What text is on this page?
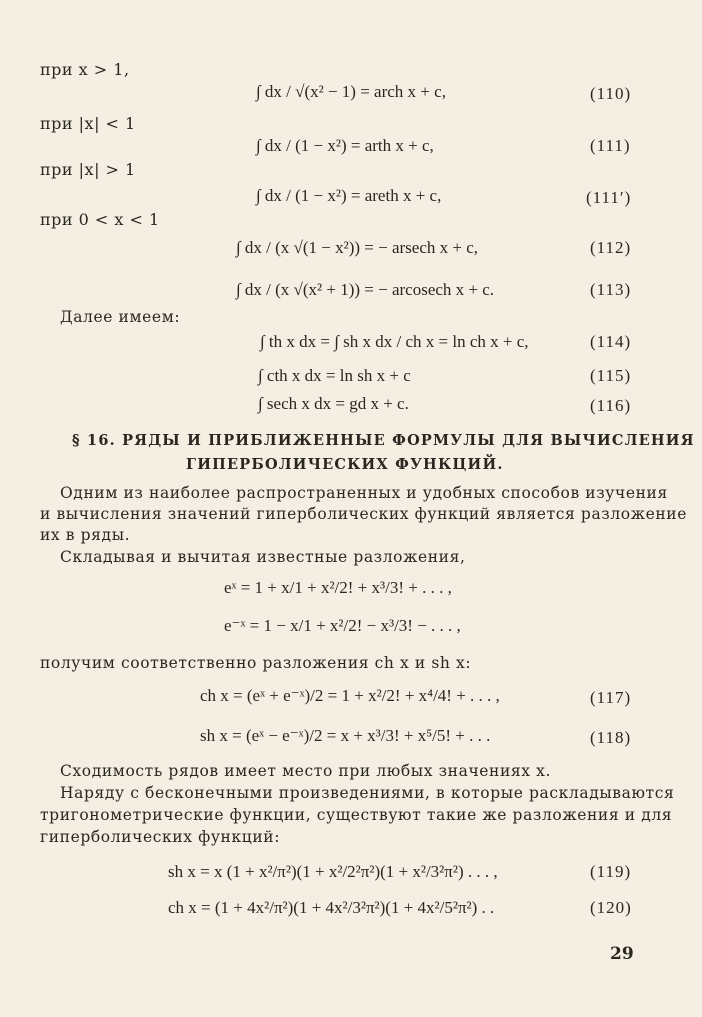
при x > 1,
∫ dx / √(x² − 1) = arch x + c,	(110)
при |x| < 1
∫ dx / (1 − x²) = arth x + c,	(111)
при |x| > 1
∫ dx / (1 − x²) = areth x + c,	(111′)
при 0 < x < 1
∫ dx / (x √(1 − x²)) = − arsech x + c,	(112)
∫ dx / (x √(x² + 1)) = − arcosech x + c.	(113)
Далее имеем:
∫ th x dx = ∫ sh x dx / ch x = ln ch x + c,	(114)
∫ cth x dx = ln sh x + c	(115)
∫ sech x dx = gd x + c.	(116)
§ 16. РЯДЫ И ПРИБЛИЖЕННЫЕ ФОРМУЛЫ ДЛЯ ВЫЧИСЛЕНИЯ
ГИПЕРБОЛИЧЕСКИХ ФУНКЦИЙ.
Одним из наиболее распространенных и удобных способов изучения
и вычисления значений гиперболических функций является разложение
их в ряды.
Складывая и вычитая известные разложения,
eˣ = 1 + x/1 + x²/2! + x³/3! + . . . ,
e⁻ˣ = 1 − x/1 + x²/2! − x³/3! − . . . ,
получим соответственно разложения ch x и sh x:
ch x = (eˣ + e⁻ˣ)/2 = 1 + x²/2! + x⁴/4! + . . . ,	(117)
sh x = (eˣ − e⁻ˣ)/2 = x + x³/3! + x⁵/5! + . . .	(118)
Сходимость рядов имеет место при любых значениях x.
Наряду с бесконечными произведениями, в которые раскладываются
тригонометрические функции, существуют такие же разложения и для
гиперболических функций:
sh x = x (1 + x²/π²)(1 + x²/2²π²)(1 + x²/3²π²) . . . ,	(119)
ch x = (1 + 4x²/π²)(1 + 4x²/3²π²)(1 + 4x²/5²π²) . .	(120)
29
